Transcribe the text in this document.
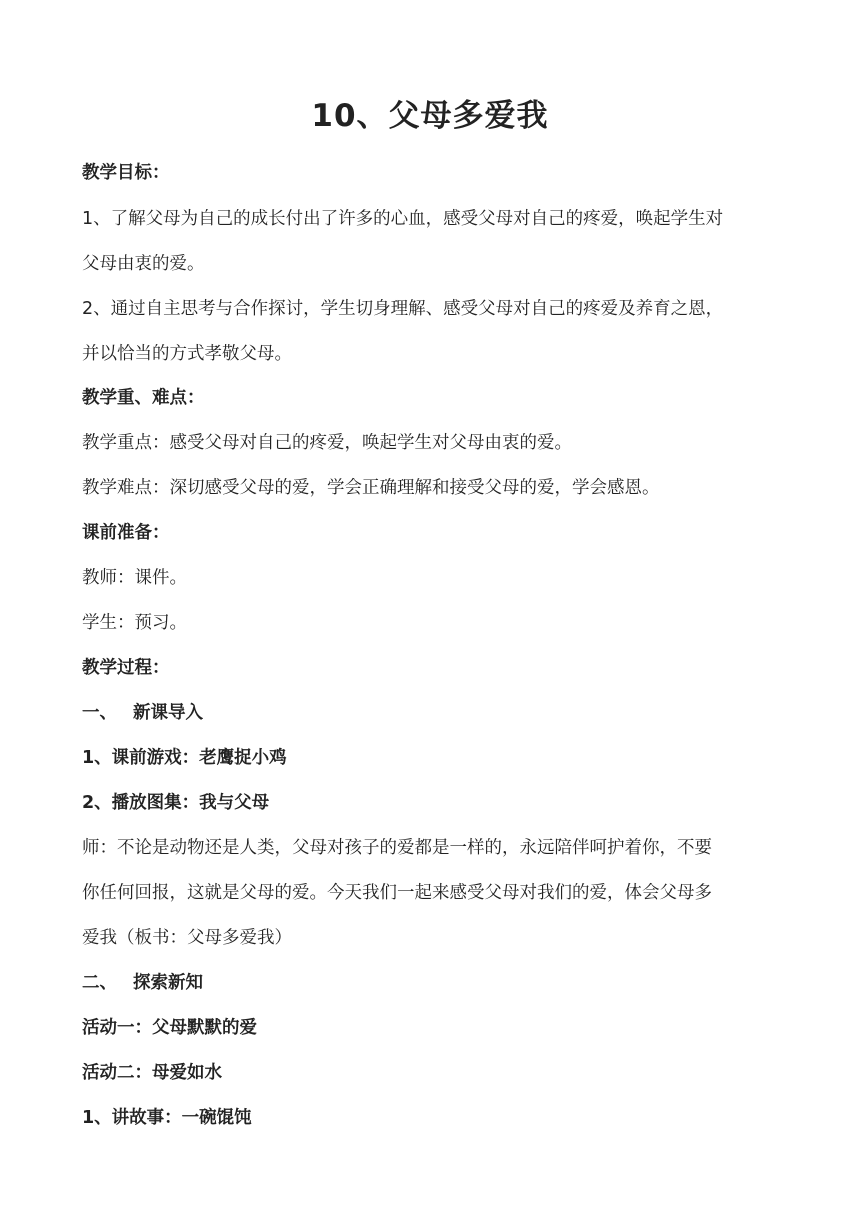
10、父母多爱我

教学目标：

1、了解父母为自己的成长付出了许多的心血，感受父母对自己的疼爱，唤起学生对

父母由衷的爱。

2、通过自主思考与合作探讨，学生切身理解、感受父母对自己的疼爱及养育之恩，

并以恰当的方式孝敬父母。

教学重、难点：

教学重点：感受父母对自己的疼爱，唤起学生对父母由衷的爱。

教学难点：深切感受父母的爱，学会正确理解和接受父母的爱，学会感恩。

课前准备：

教师：课件。

学生：预习。

教学过程：

一、 新课导入

1、课前游戏：老鹰捉小鸡

2、播放图集：我与父母

师：不论是动物还是人类，父母对孩子的爱都是一样的，永远陪伴呵护着你，不要

你任何回报，这就是父母的爱。今天我们一起来感受父母对我们的爱，体会父母多

爱我（板书：父母多爱我）

二、 探索新知

活动一：父母默默的爱

活动二：母爱如水

1、讲故事：一碗馄饨
